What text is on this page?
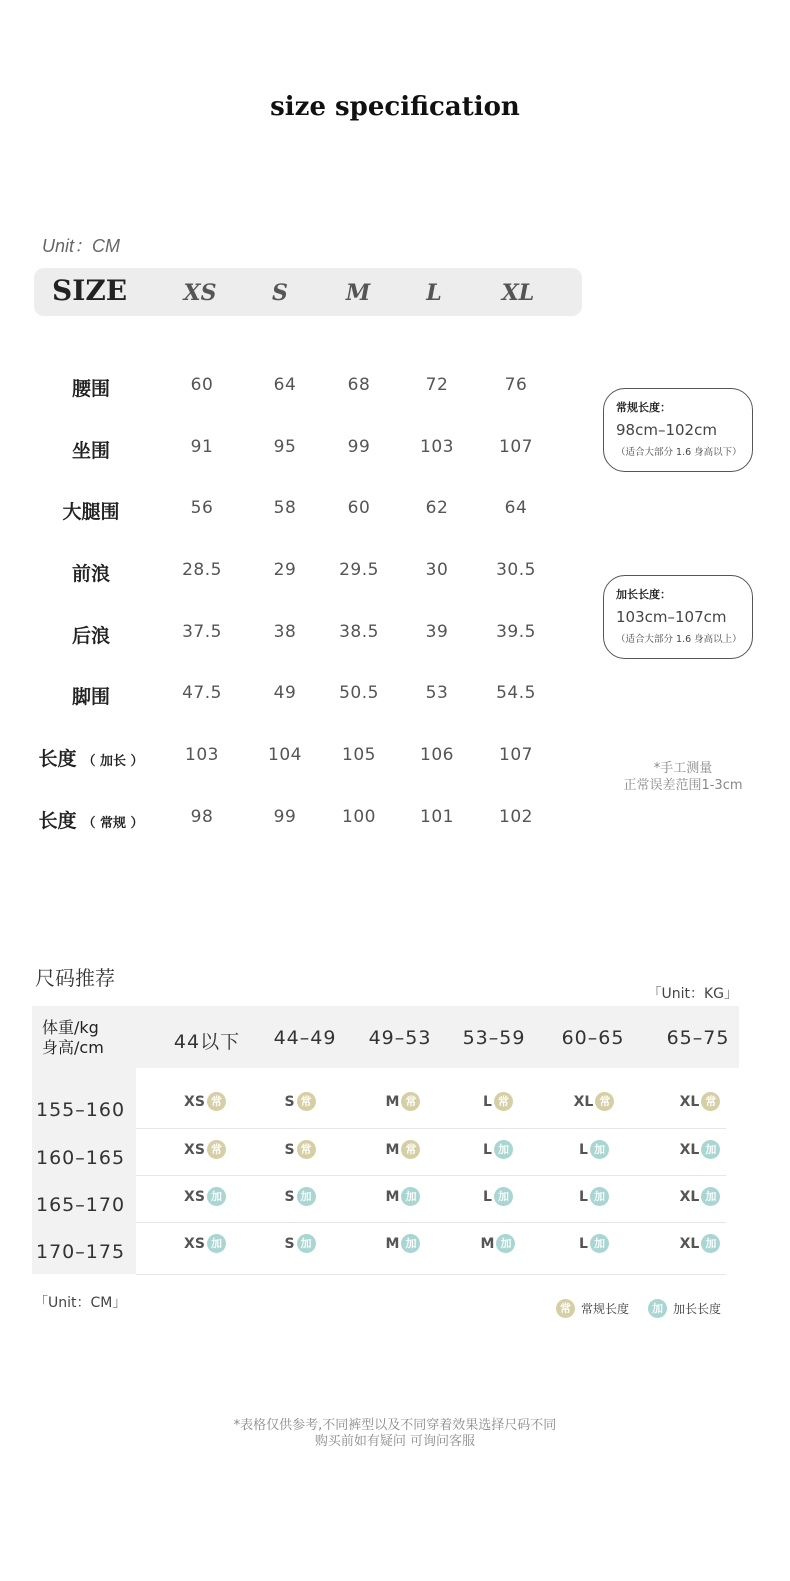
size specification
Unit：CM
SIZE	XS	S	M	L	XL
腰围	60	64	68	72	76
坐围	91	95	99	103	107
大腿围	56	58	60	62	64
前浪	28.5	29	29.5	30	30.5
后浪	37.5	38	38.5	39	39.5
脚围	47.5	49	50.5	53	54.5
长度 （ 加长 ）	103	104	105	106	107
长度 （ 常规 ）	98	99	100	101	102
常规长度：
98cm–102cm
（适合大部分 1.6 身高以下）
加长长度：
103cm–107cm
（适合大部分 1.6 身高以上）
*手工测量
正常误差范围1-3cm
尺码推荐
「Unit：KG」
体重/kg
身高/cm	44以下	44–49	49–53	53–59	60–65	65–75
155–160	XS 常	S 常	M 常	L 常	XL 常	XL 常
160–165	XS 常	S 常	M 常	L 加	L 加	XL 加
165–170	XS 加	S 加	M 加	L 加	L 加	XL 加
170–175	XS 加	S 加	M 加	M 加	L 加	XL 加
「Unit：CM」	常 常规长度	加 加长长度
*表格仅供参考,不同裤型以及不同穿着效果选择尺码不同
购买前如有疑问 可询问客服
